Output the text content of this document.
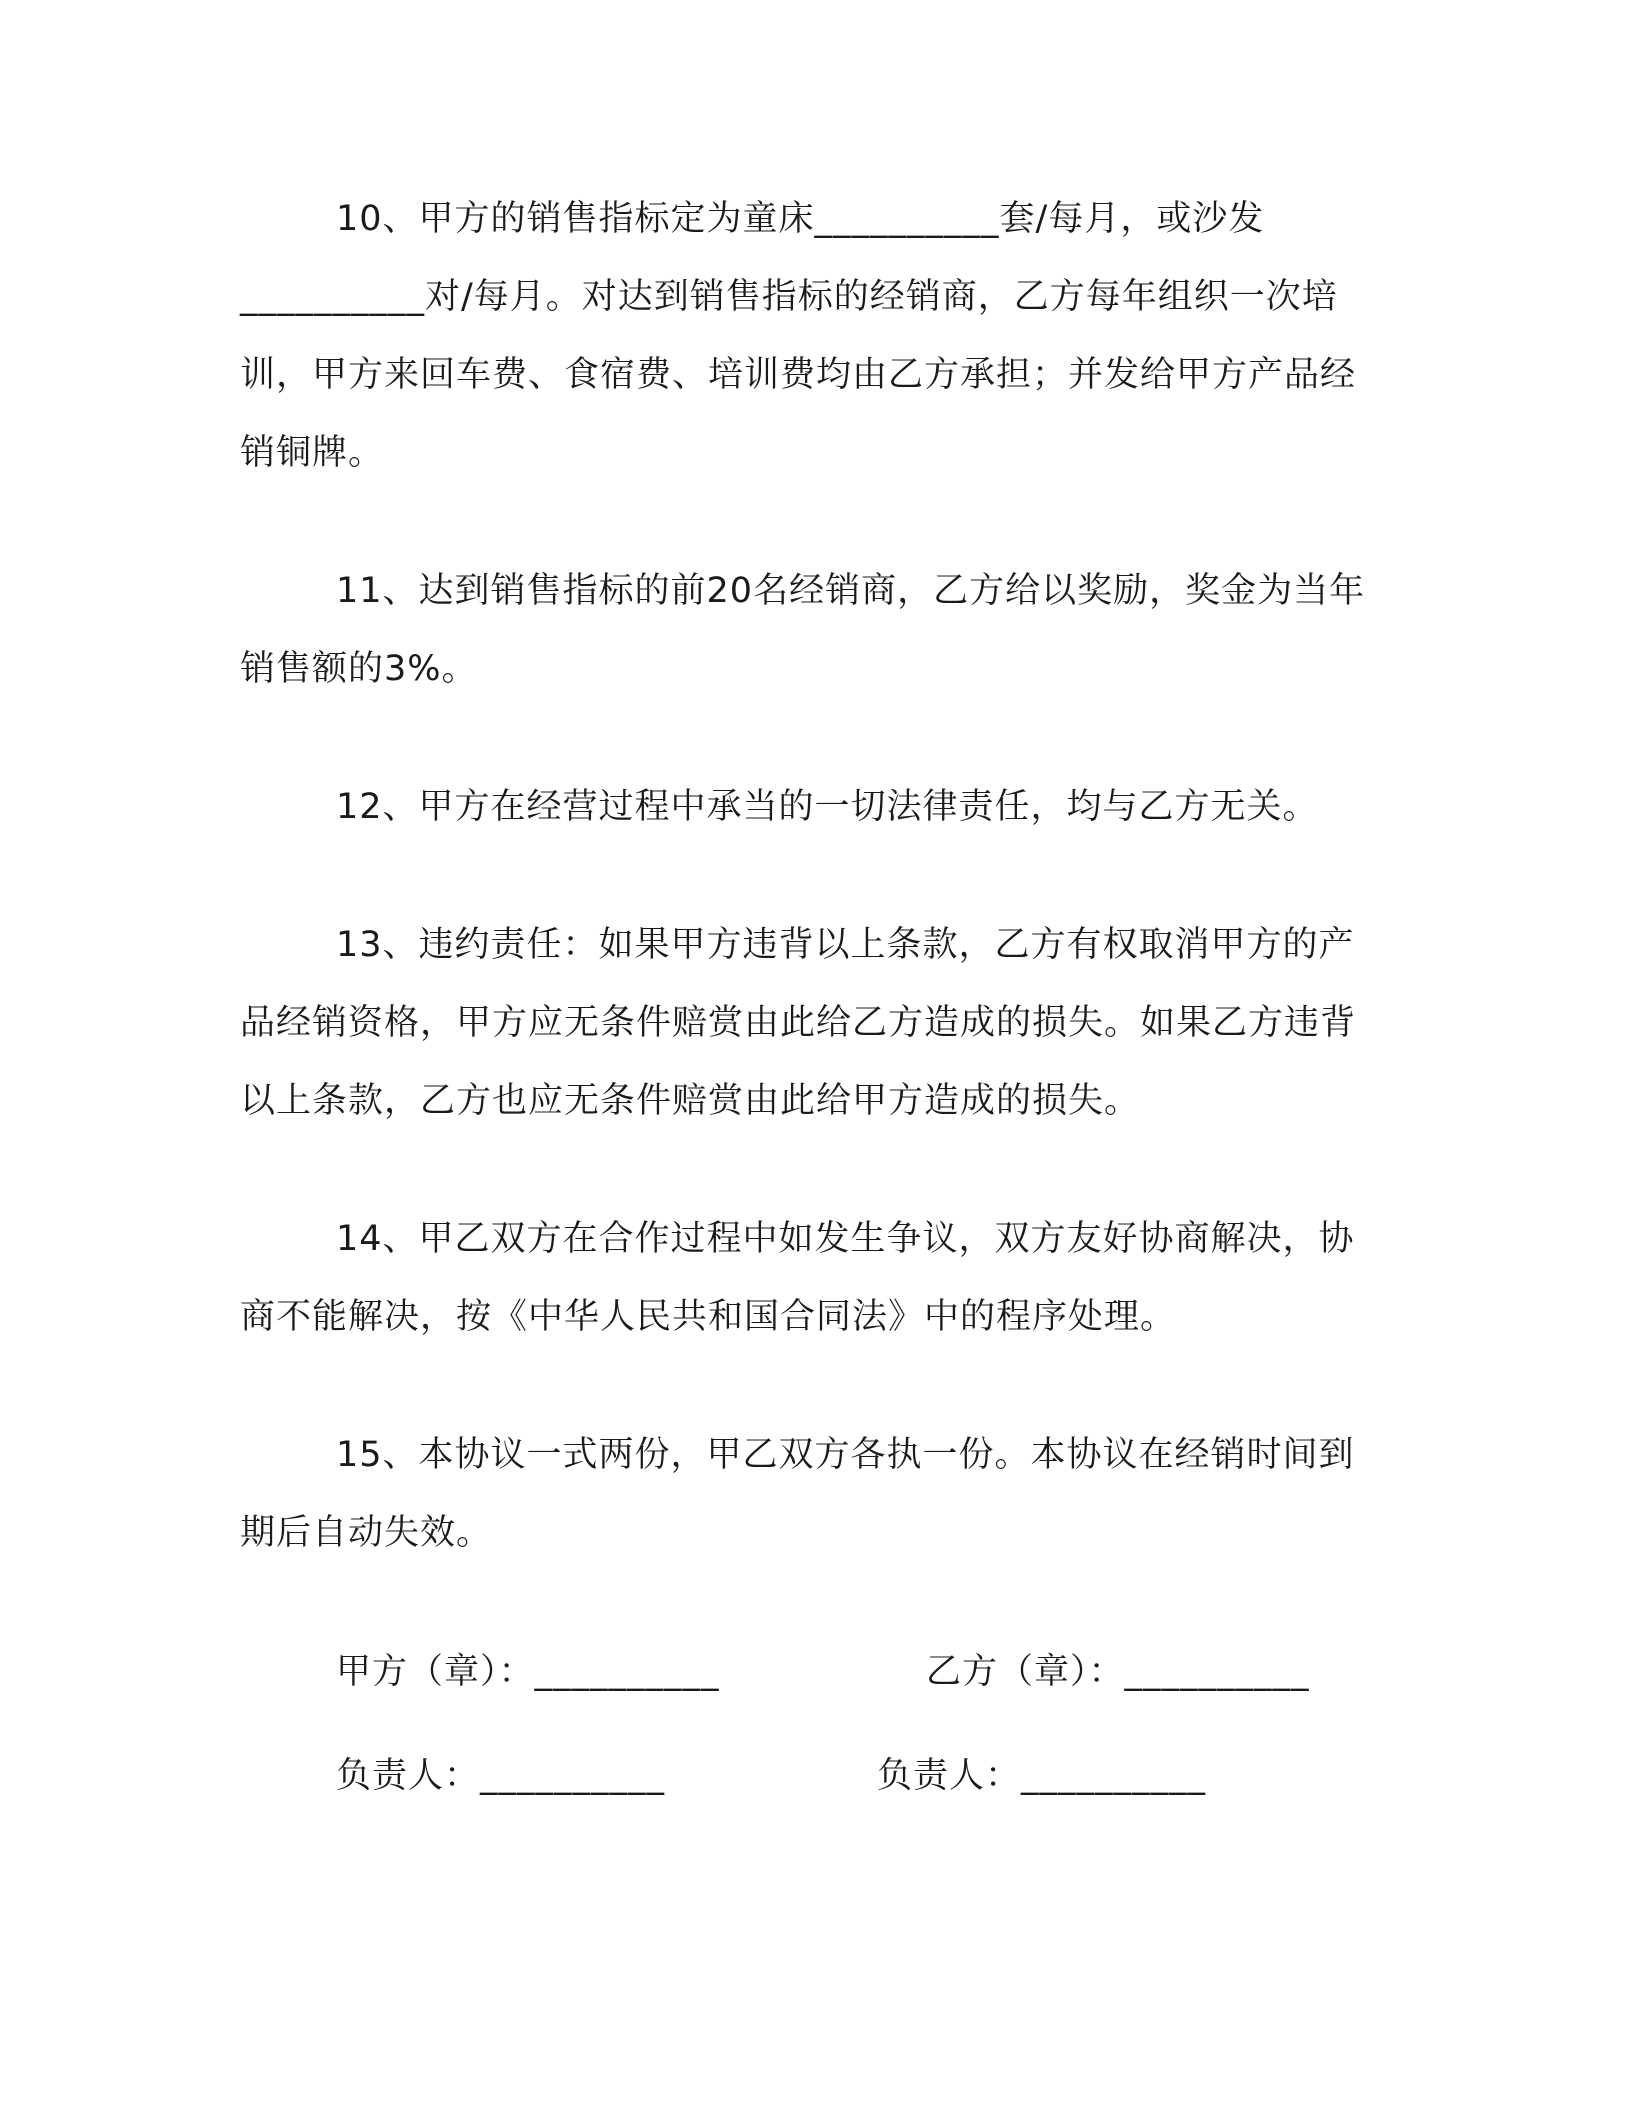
10、甲方的销售指标定为童床__________套/每月，或沙发__________对/每月。对达到销售指标的经销商，乙方每年组织一次培训，甲方来回车费、食宿费、培训费均由乙方承担；并发给甲方产品经销铜牌。

11、达到销售指标的前20名经销商，乙方给以奖励，奖金为当年销售额的3%。

12、甲方在经营过程中承当的一切法律责任，均与乙方无关。

13、违约责任：如果甲方违背以上条款，乙方有权取消甲方的产品经销资格，甲方应无条件赔赏由此给乙方造成的损失。如果乙方违背以上条款，乙方也应无条件赔赏由此给甲方造成的损失。

14、甲乙双方在合作过程中如发生争议，双方友好协商解决，协商不能解决，按《中华人民共和国合同法》中的程序处理。

15、本协议一式两份，甲乙双方各执一份。本协议在经销时间到期后自动失效。

甲方（章）：__________	乙方（章）：__________
负责人：__________	负责人：__________
